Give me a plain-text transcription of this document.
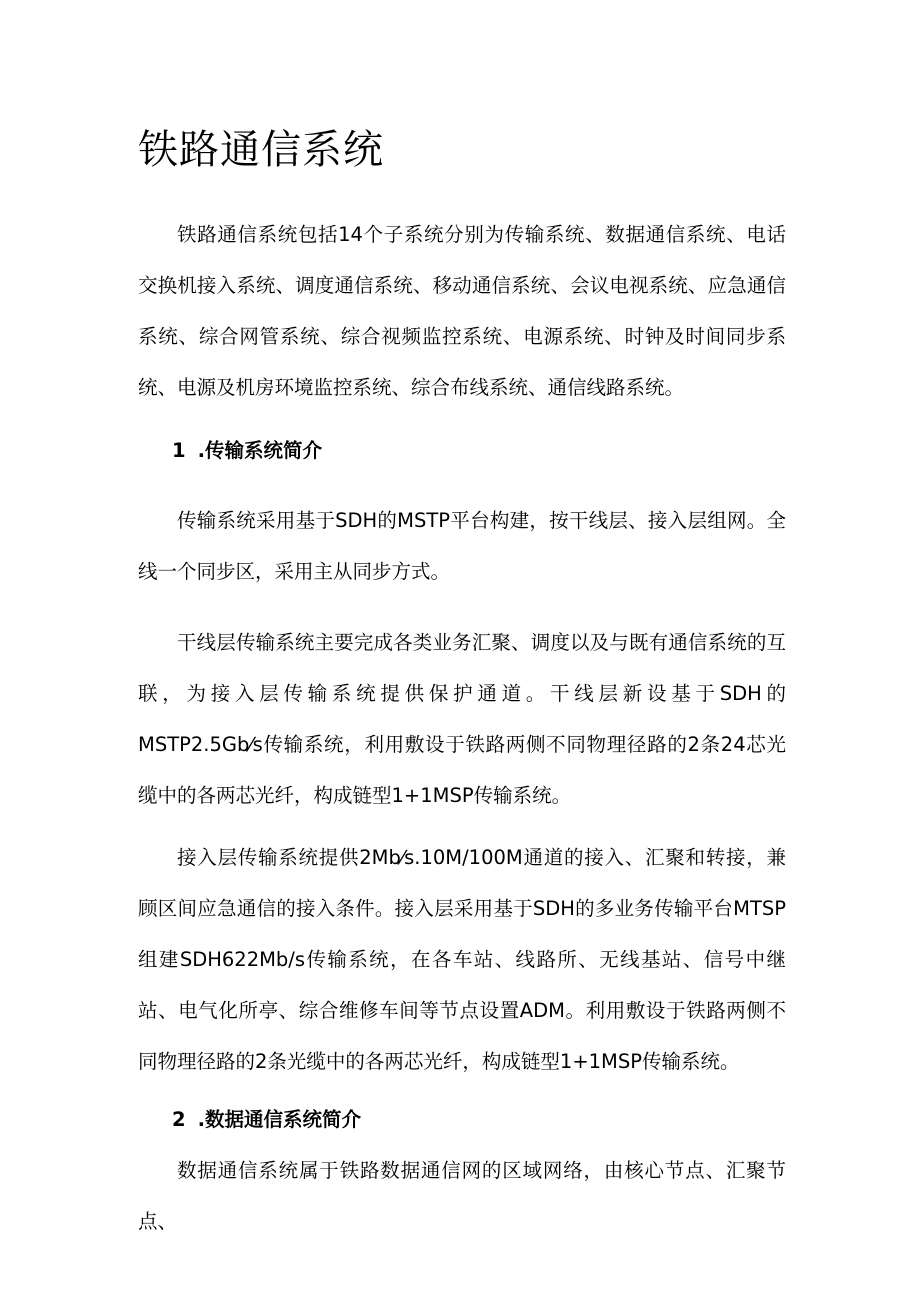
铁路通信系统

铁路通信系统包括14个子系统分别为传输系统、数据通信系统、电话交换机接入系统、调度通信系统、移动通信系统、会议电视系统、应急通信系统、综合网管系统、综合视频监控系统、电源系统、时钟及时间同步系统、电源及机房环境监控系统、综合布线系统、通信线路系统。

1 .传输系统简介

传输系统采用基于SDH的MSTP平台构建，按干线层、接入层组网。全线一个同步区，采用主从同步方式。

干线层传输系统主要完成各类业务汇聚、调度以及与既有通信系统的互联，为接入层传输系统提供保护通道。干线层新设基于SDH的MSTP2.5Gb⁄s传输系统，利用敷设于铁路两侧不同物理径路的2条24芯光缆中的各两芯光纤，构成链型1+1MSP传输系统。

接入层传输系统提供2Mb⁄s.10M/100M通道的接入、汇聚和转接，兼顾区间应急通信的接入条件。接入层采用基于SDH的多业务传输平台MTSP组建SDH622Mb/s传输系统，在各车站、线路所、无线基站、信号中继站、电气化所亭、综合维修车间等节点设置ADM。利用敷设于铁路两侧不同物理径路的2条光缆中的各两芯光纤，构成链型1+1MSP传输系统。

2 .数据通信系统简介

数据通信系统属于铁路数据通信网的区域网络，由核心节点、汇聚节点、
